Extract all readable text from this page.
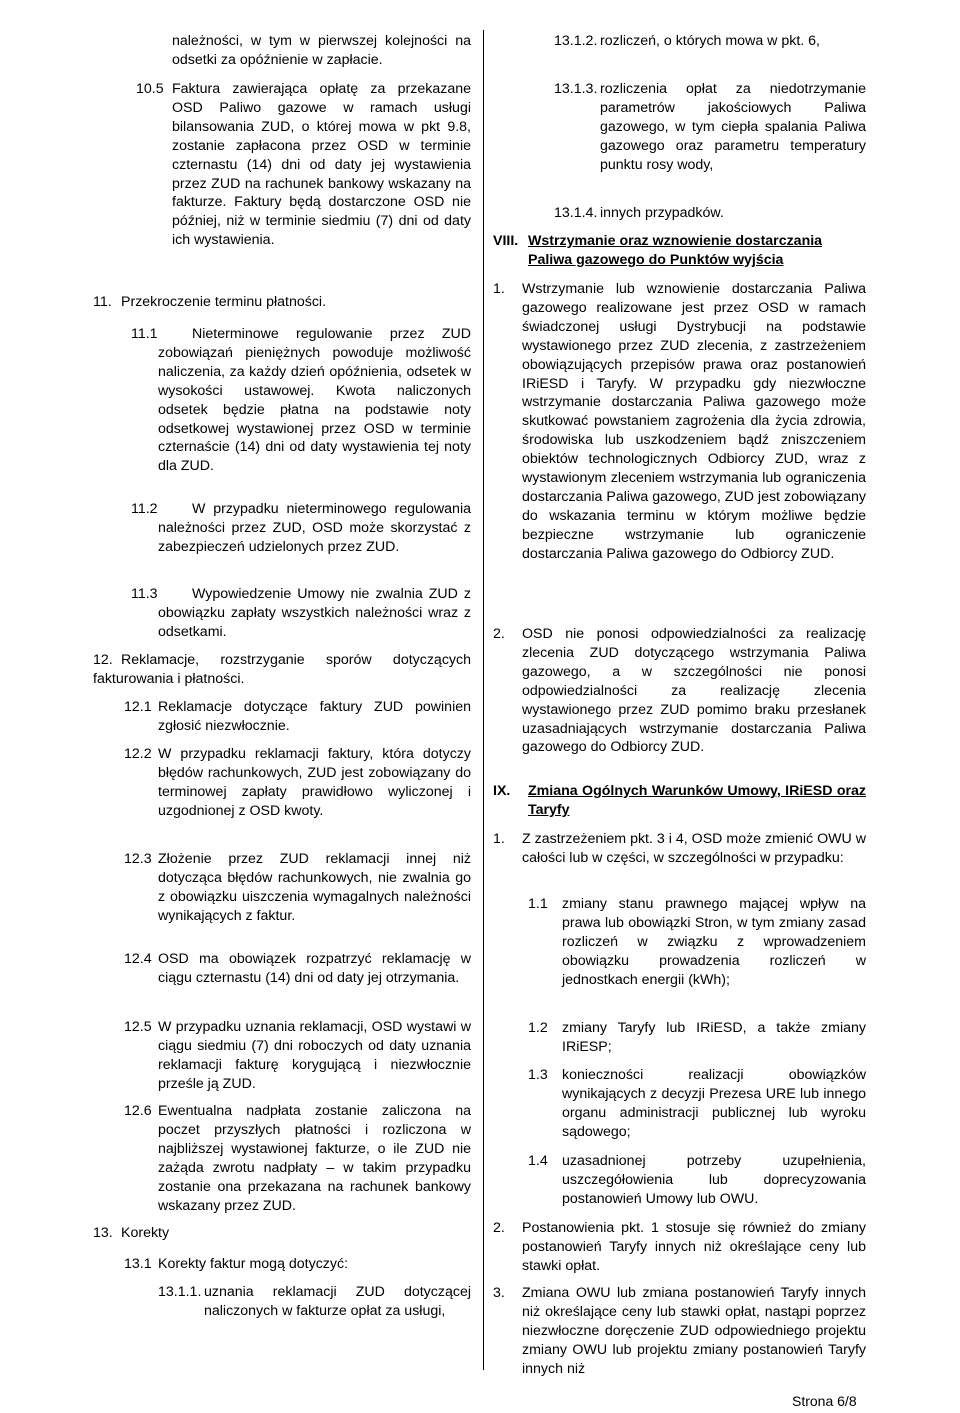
należności, w tym w pierwszej kolejności na odsetki za opóźnienie w zapłacie.
10.5 Faktura zawierająca opłatę za przekazane OSD Paliwo gazowe w ramach usługi bilansowania ZUD, o której mowa w pkt 9.8, zostanie zapłacona przez OSD w terminie czternastu (14) dni od daty jej wystawienia przez ZUD na rachunek bankowy wskazany na fakturze. Faktury będą dostarczone OSD nie później, niż w terminie siedmiu (7) dni od daty ich wystawienia.
11. Przekroczenie terminu płatności.
11.1	Nieterminowe regulowanie przez ZUD zobowiązań pieniężnych powoduje możliwość naliczenia, za każdy dzień opóźnienia, odsetek w wysokości ustawowej. Kwota naliczonych odsetek będzie płatna na podstawie noty odsetkowej wystawionej przez OSD w terminie czternaście (14) dni od daty wystawienia tej noty dla ZUD.
11.2	W przypadku nieterminowego regulowania należności przez ZUD, OSD może skorzystać z zabezpieczeń udzielonych przez ZUD.
11.3	Wypowiedzenie Umowy nie zwalnia ZUD z obowiązku zapłaty wszystkich należności wraz z odsetkami.
12. Reklamacje, rozstrzyganie sporów dotyczących fakturowania i płatności.
12.1 Reklamacje dotyczące faktury ZUD powinien zgłosić niezwłocznie.
12.2 W przypadku reklamacji faktury, która dotyczy błędów rachunkowych, ZUD jest zobowiązany do terminowej zapłaty prawidłowo wyliczonej i uzgodnionej z OSD kwoty.
12.3 Złożenie przez ZUD reklamacji innej niż dotycząca błędów rachunkowych, nie zwalnia go z obowiązku uiszczenia wymagalnych należności wynikających z faktur.
12.4 OSD ma obowiązek rozpatrzyć reklamację w ciągu czternastu (14) dni od daty jej otrzymania.
12.5 W przypadku uznania reklamacji, OSD wystawi w ciągu siedmiu (7) dni roboczych od daty uznania reklamacji fakturę korygującą i niezwłocznie prześle ją ZUD.
12.6 Ewentualna nadpłata zostanie zaliczona na poczet przyszłych płatności i rozliczona w najbliższej wystawionej fakturze, o ile ZUD nie zażąda zwrotu nadpłaty – w takim przypadku zostanie ona przekazana na rachunek bankowy wskazany przez ZUD.
13. Korekty
13.1 Korekty faktur mogą dotyczyć:
13.1.1. uznania reklamacji ZUD dotyczącej naliczonych w fakturze opłat za usługi,
13.1.2. rozliczeń, o których mowa w pkt. 6,
13.1.3. rozliczenia opłat za niedotrzymanie parametrów jakościowych Paliwa gazowego, w tym ciepła spalania Paliwa gazowego oraz parametru temperatury punktu rosy wody,
13.1.4. innych przypadków.
VIII. Wstrzymanie oraz wznowienie dostarczania Paliwa gazowego do Punktów wyjścia
1. Wstrzymanie lub wznowienie dostarczania Paliwa gazowego realizowane jest przez OSD w ramach świadczonej usługi Dystrybucji na podstawie wystawionego przez ZUD zlecenia, z zastrzeżeniem obowiązujących przepisów prawa oraz postanowień IRiESD i Taryfy. W przypadku gdy niezwłoczne wstrzymanie dostarczania Paliwa gazowego może skutkować powstaniem zagrożenia dla życia zdrowia, środowiska lub uszkodzeniem bądź zniszczeniem obiektów technologicznych Odbiorcy ZUD, wraz z wystawionym zleceniem wstrzymania lub ograniczenia dostarczania Paliwa gazowego, ZUD jest zobowiązany do wskazania terminu w którym możliwe będzie bezpieczne wstrzymanie lub ograniczenie dostarczania Paliwa gazowego do Odbiorcy ZUD.
2. OSD nie ponosi odpowiedzialności za realizację zlecenia ZUD dotyczącego wstrzymania Paliwa gazowego, a w szczególności nie ponosi odpowiedzialności za realizację zlecenia wystawionego przez ZUD pomimo braku przesłanek uzasadniających wstrzymanie dostarczania Paliwa gazowego do Odbiorcy ZUD.
IX. Zmiana Ogólnych Warunków Umowy, IRiESD oraz Taryfy
1. Z zastrzeżeniem pkt. 3 i 4, OSD może zmienić OWU w całości lub w części, w szczególności w przypadku:
1.1 zmiany stanu prawnego mającej wpływ na prawa lub obowiązki Stron, w tym zmiany zasad rozliczeń w związku z wprowadzeniem obowiązku prowadzenia rozliczeń w jednostkach energii (kWh);
1.2 zmiany Taryfy lub IRiESD, a także zmiany IRiESP;
1.3 konieczności realizacji obowiązków wynikających z decyzji Prezesa URE lub innego organu administracji publicznej lub wyroku sądowego;
1.4 uzasadnionej potrzeby uzupełnienia, uszczegółowienia lub doprecyzowania postanowień Umowy lub OWU.
2. Postanowienia pkt. 1 stosuje się również do zmiany postanowień Taryfy innych niż określające ceny lub stawki opłat.
3. Zmiana OWU lub zmiana postanowień Taryfy innych niż określające ceny lub stawki opłat, nastąpi poprzez niezwłoczne doręczenie ZUD odpowiedniego projektu zmiany OWU lub projektu zmiany postanowień Taryfy innych niż
Strona 6/8
